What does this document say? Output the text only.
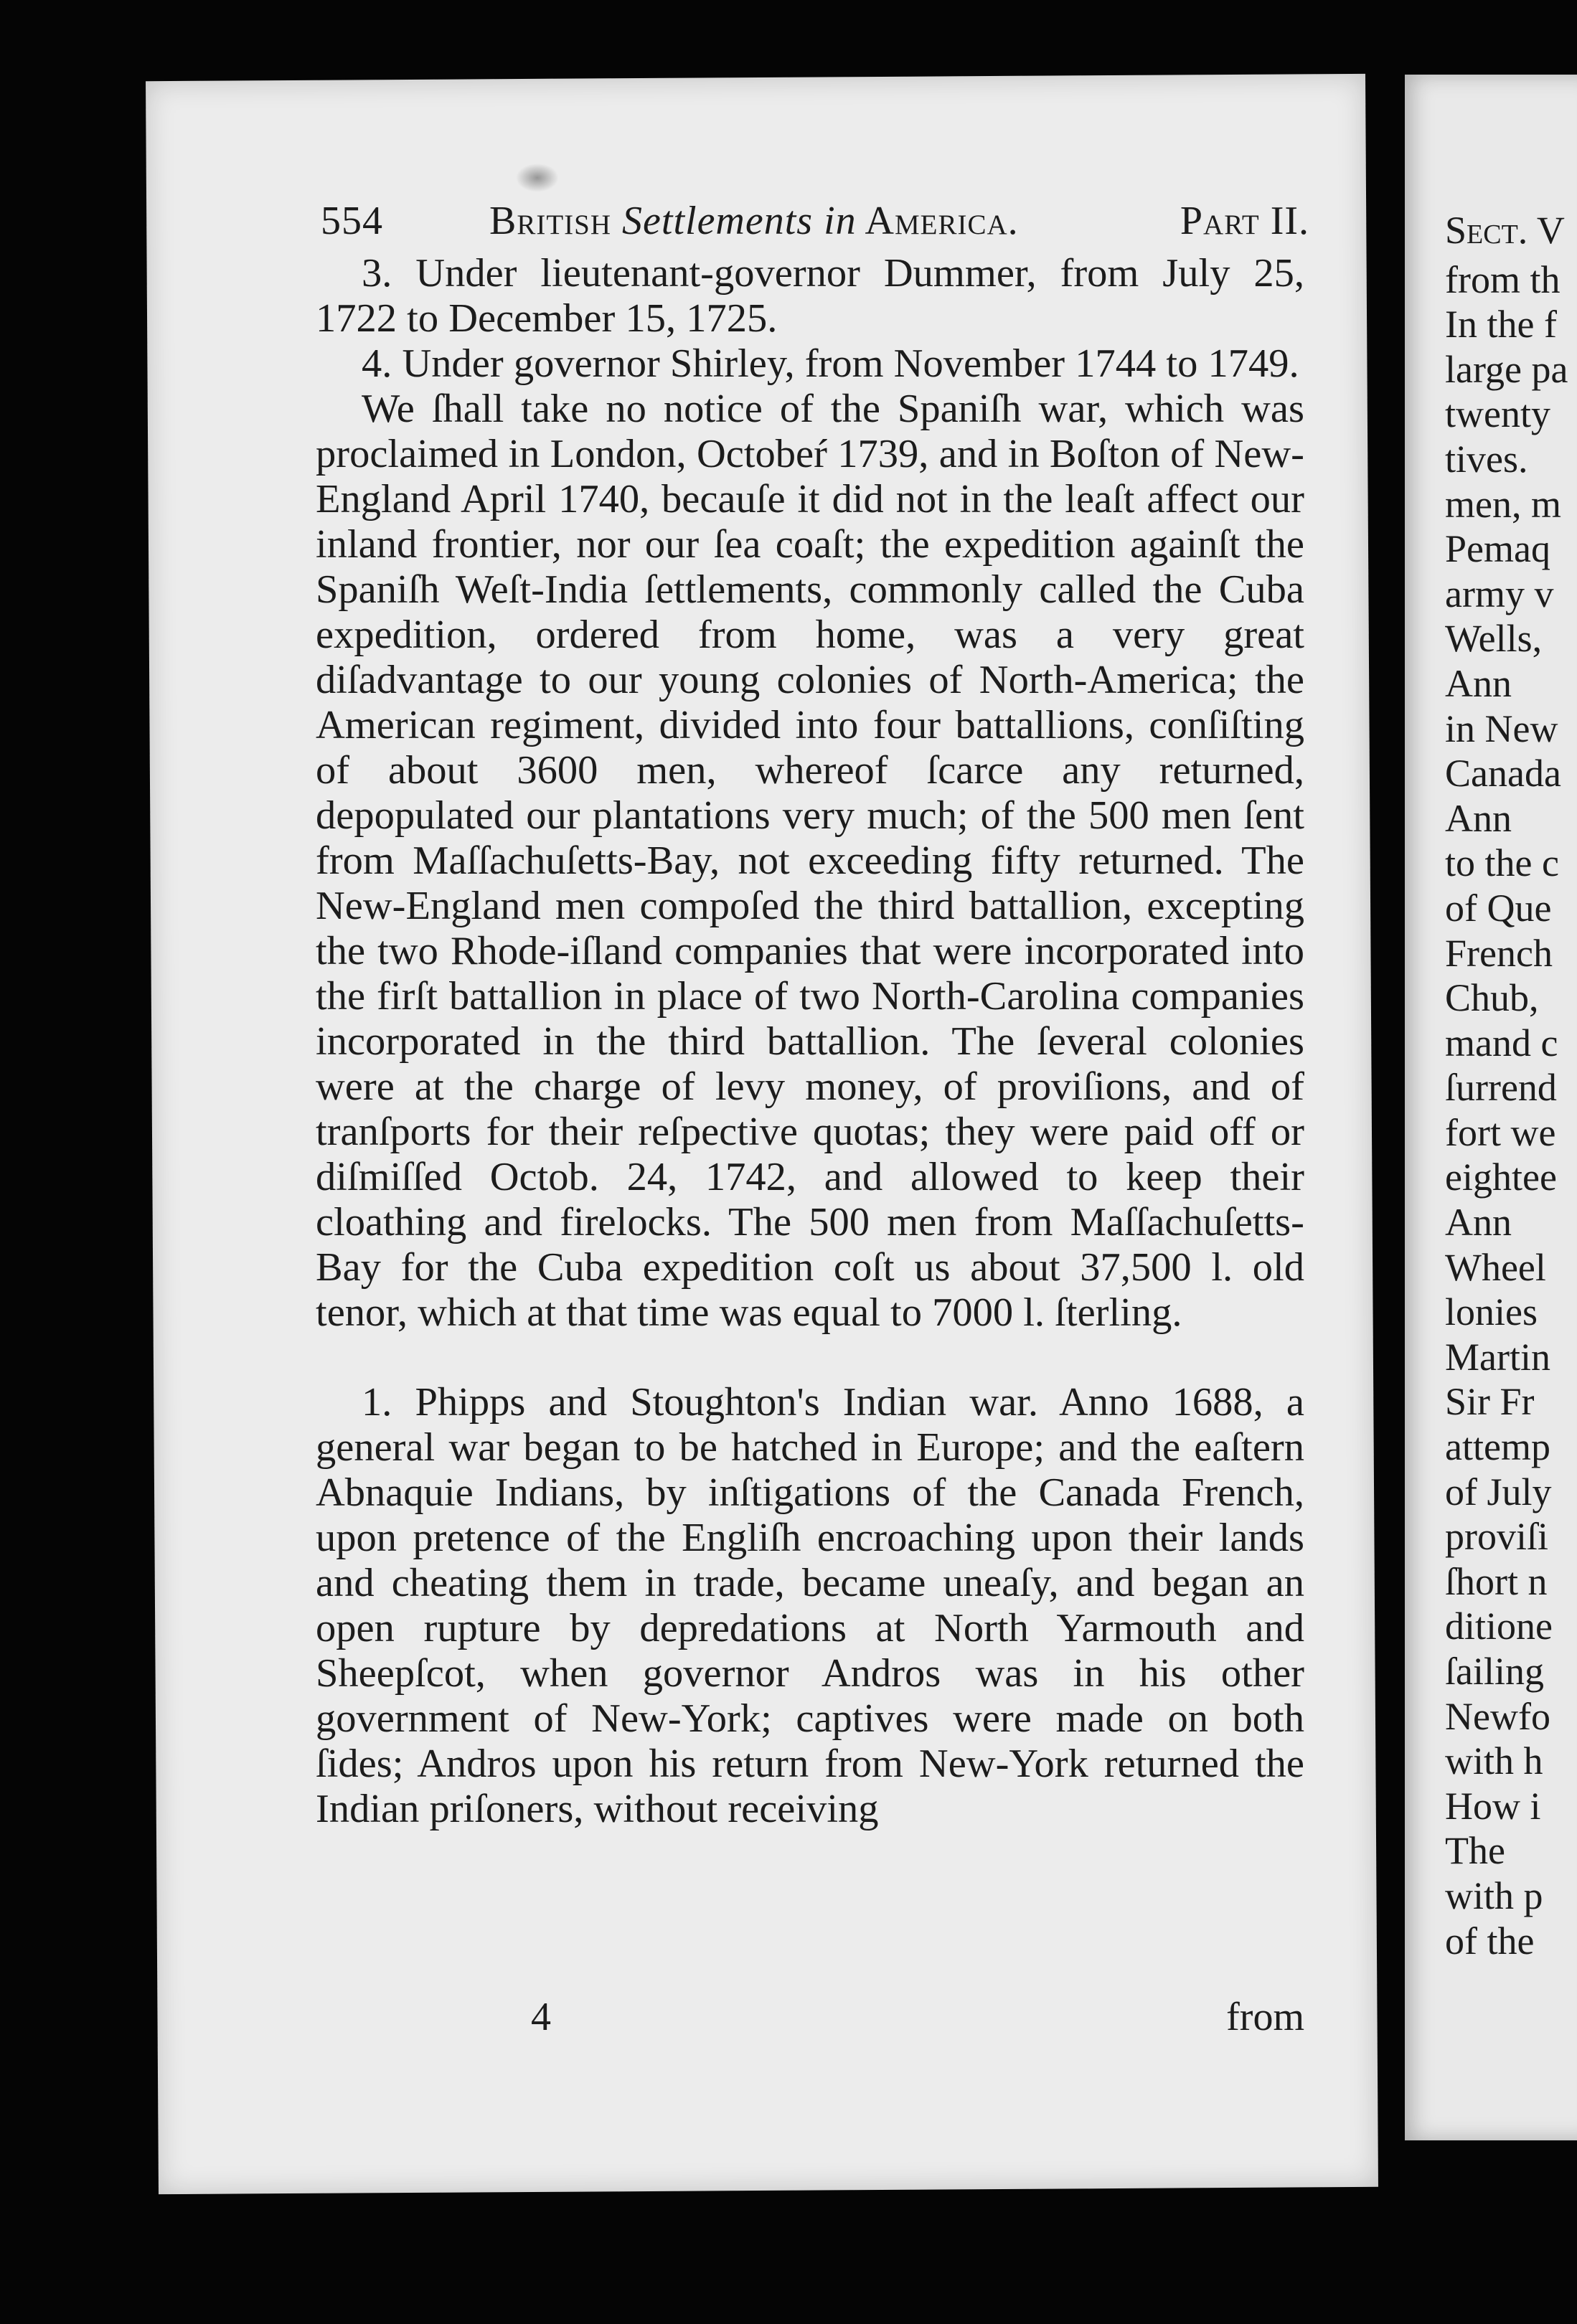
554	British Settlements in America.	Part II.

3. Under lieutenant-governor Dummer, from July 25, 1722 to December 15, 1725.

4. Under governor Shirley, from November 1744 to 1749.

We ſhall take no notice of the Spaniſh war, which was proclaimed in London, Octobeŕ 1739, and in Boſton of New-England April 1740, becauſe it did not in the leaſt affect our inland frontier, nor our ſea coaſt; the expedition againſt the Spaniſh Weſt-India ſettlements, commonly called the Cuba expedition, ordered from home, was a very great diſadvantage to our young colonies of North-America; the American regiment, divided into four battallions, conſiſting of about 3600 men, whereof ſcarce any returned, depopulated our plantations very much; of the 500 men ſent from Maſſachuſetts-Bay, not exceeding fifty returned. The New-England men compoſed the third battallion, excepting the two Rhode-iſland companies that were incorporated into the firſt battallion in place of two North-Carolina companies incorporated in the third battallion. The ſeveral colonies were at the charge of levy money, of proviſions, and of tranſports for their reſpective quotas; they were paid off or diſmiſſed Octob. 24, 1742, and allowed to keep their cloathing and firelocks. The 500 men from Maſſachuſetts-Bay for the Cuba expedition coſt us about 37,500 l. old tenor, which at that time was equal to 7000 l. ſterling.

1. Phipps and Stoughton's Indian war. Anno 1688, a general war began to be hatched in Europe; and the eaſtern Abnaquie Indians, by inſtigations of the Canada French, upon pretence of the Engliſh encroaching upon their lands and cheating them in trade, became uneaſy, and began an open rupture by depredations at North Yarmouth and Sheepſcot, when governor Andros was in his other government of New-York; captives were made on both ſides; Andros upon his return from New-York returned the Indian priſoners, without receiving

4	from
Sect. V
from th
In the f
large pa
twenty
tives.
men, m
Pemaq
army v
Wells,
Ann
in New
Canada
Ann
to the c
of Que
French
Chub,
mand c
ſurrend
fort we
eightee
Ann
Wheel
lonies
Martin
Sir Fr
attemp
of July
proviſi
ſhort n
ditione
ſailing
Newfo
with h
How i
The
with p
of the
